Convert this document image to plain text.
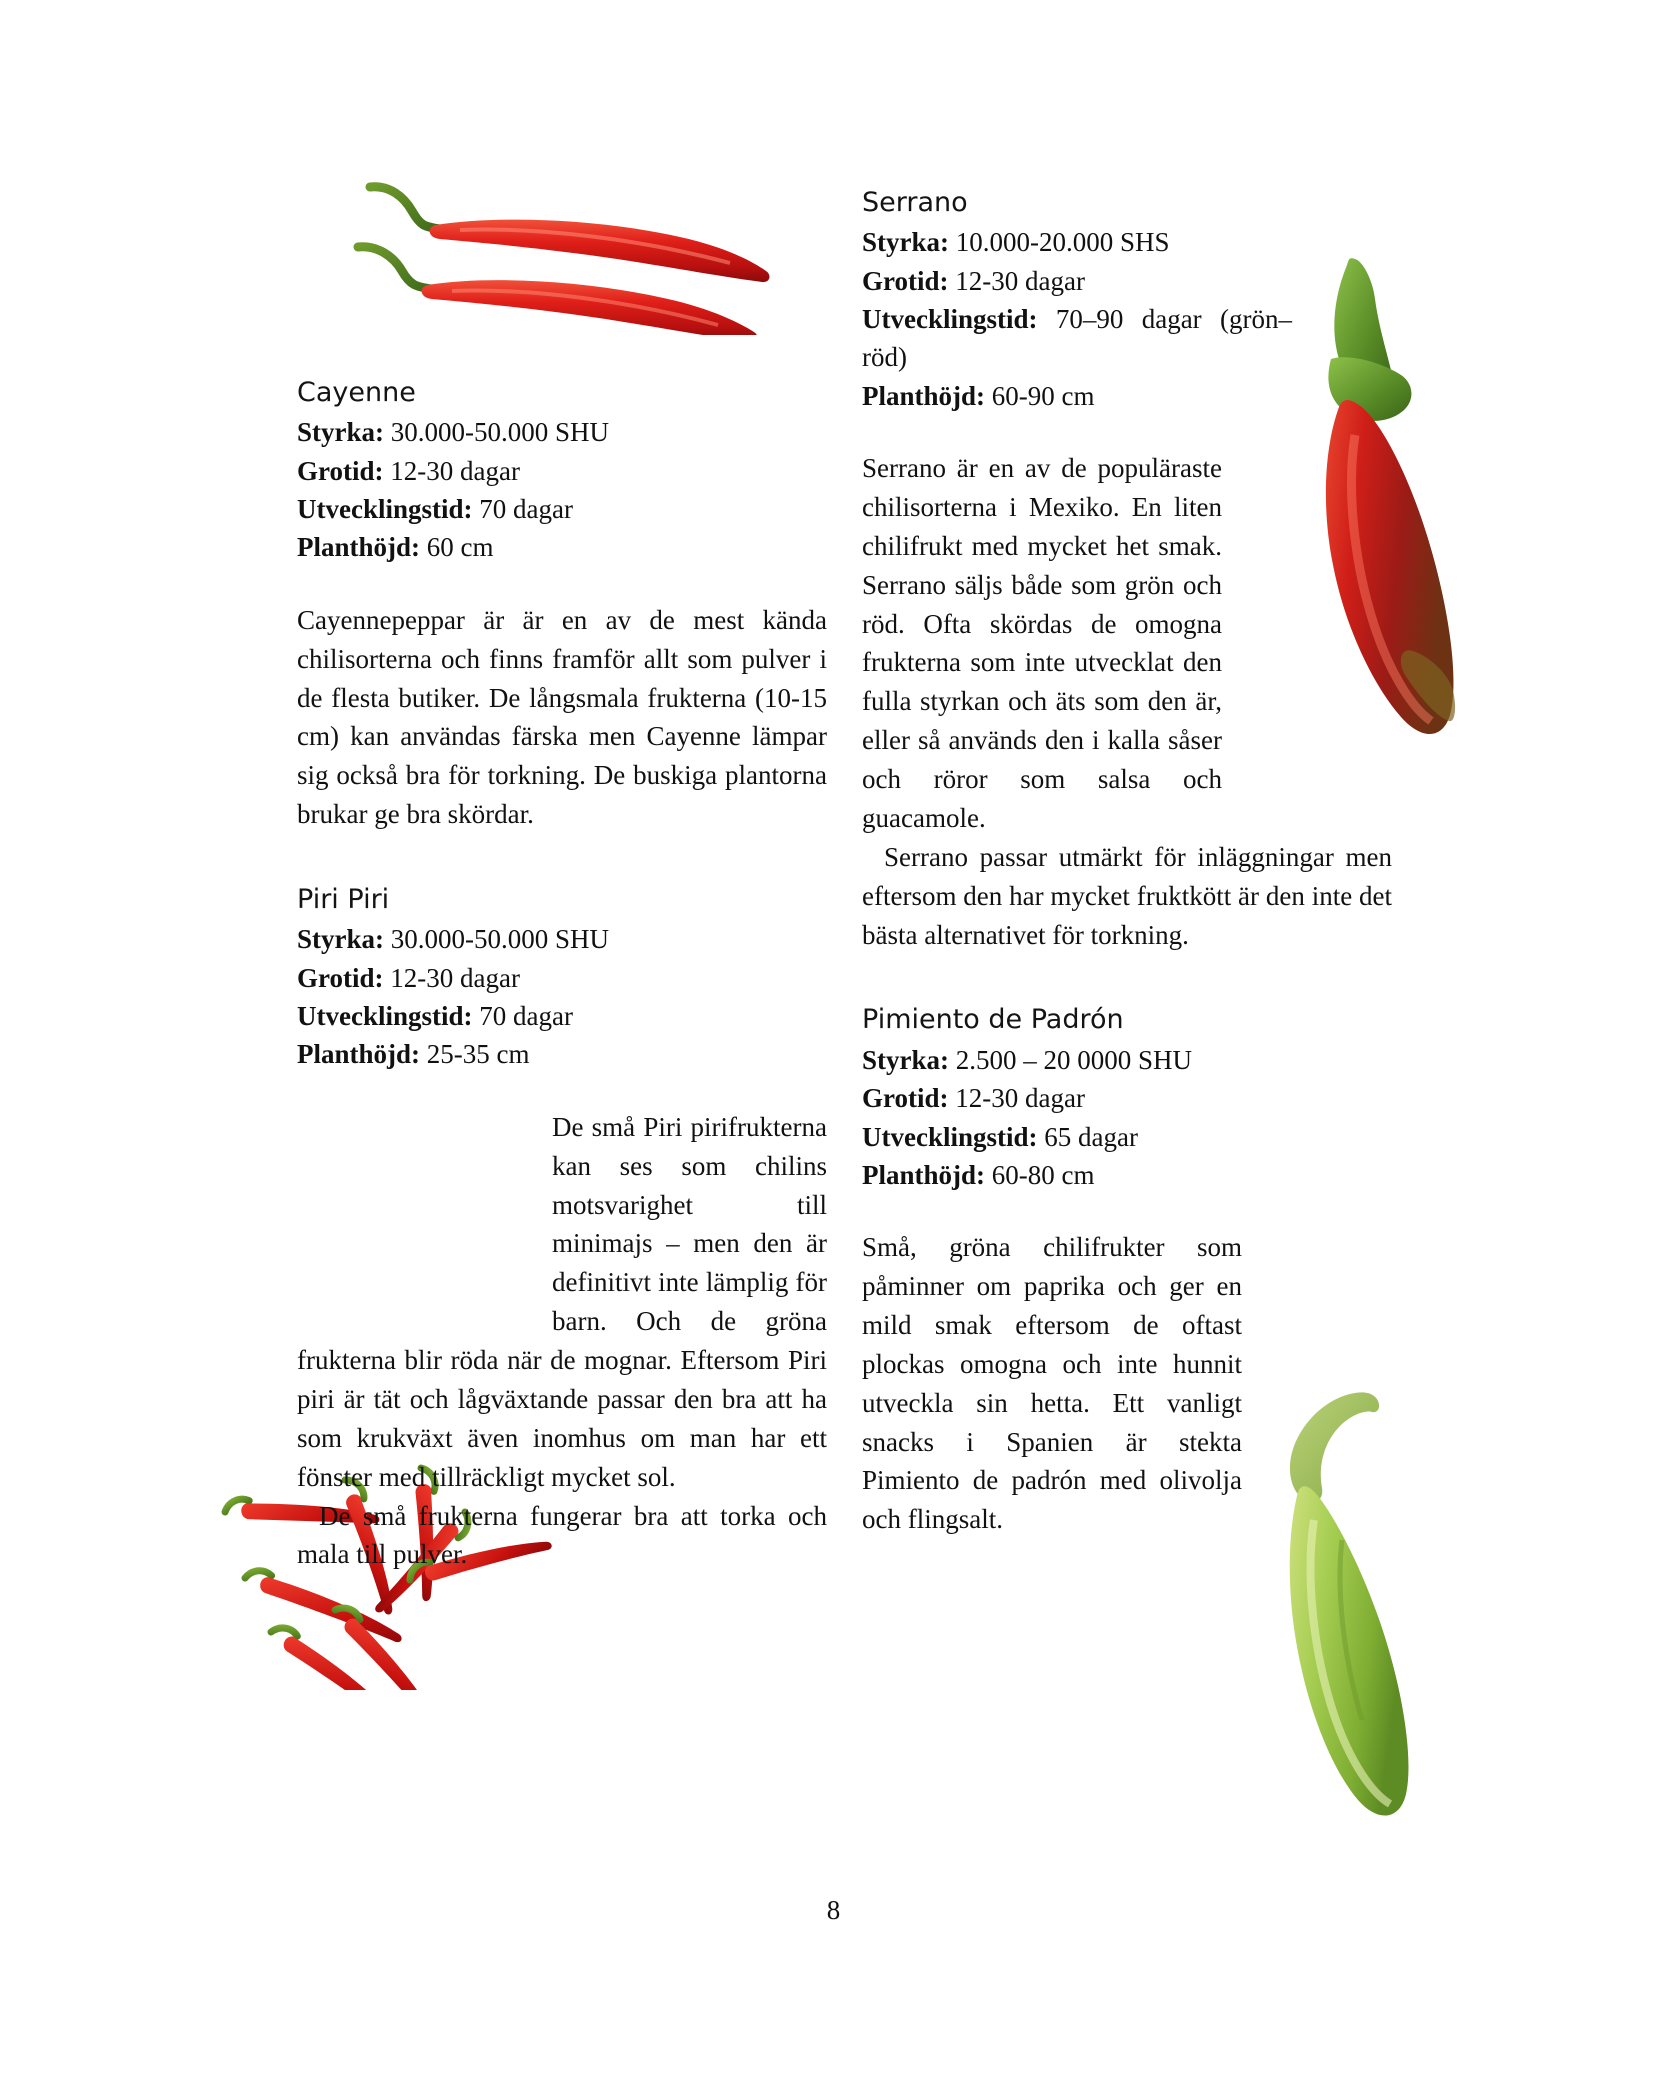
Cayenne

Styrka: 30.000-50.000 SHU

Grotid: 12-30 dagar

Utvecklingstid: 70 dagar

Planthöjd: 60 cm

Cayennepeppar är är en av de mest kända chilisorterna och finns framför allt som pulver i de flesta butiker. De långsmala frukterna (10-15 cm) kan användas färska men Cayenne lämpar sig också bra för torkning. De buskiga plantorna brukar ge bra skördar.

Piri Piri

Styrka: 30.000-50.000 SHU

Grotid: 12-30 dagar

Utvecklingstid: 70 dagar

Planthöjd: 25-35 cm

De små Piri pirifrukterna kan ses som chilins motsvarighet till minimajs – men den är definitivt inte lämplig för barn. Och de gröna frukterna blir röda när de mognar. Eftersom Piri piri är tät och lågväxtande passar den bra att ha som krukväxt även inomhus om man har ett fönster med tillräckligt mycket sol.

De små frukterna fungerar bra att torka och mala till pulver.

Serrano

Styrka: 10.000-20.000 SHS

Grotid: 12-30 dagar

Utvecklingstid: 70–90 dagar (grön–röd)

Planthöjd: 60-90 cm

Serrano är en av de populäraste chilisorterna i Mexiko. En liten chilifrukt med mycket het smak. Serrano säljs både som grön och röd. Ofta skördas de omogna frukterna som inte utvecklat den fulla styrkan och äts som den är, eller så används den i kalla såser och röror som salsa och guacamole.

Serrano passar utmärkt för inläggningar men eftersom den har mycket fruktkött är den inte det bästa alternativet för torkning.

Pimiento de Padrón

Styrka: 2.500 – 20 0000 SHU

Grotid: 12-30 dagar

Utvecklingstid: 65 dagar

Planthöjd: 60-80 cm

Små, gröna chilifrukter som påminner om paprika och ger en mild smak eftersom de oftast plockas omogna och inte hunnit utveckla sin hetta. Ett vanligt snacks i Spanien är stekta Pimiento de padrón med olivolja och flingsalt.

8
